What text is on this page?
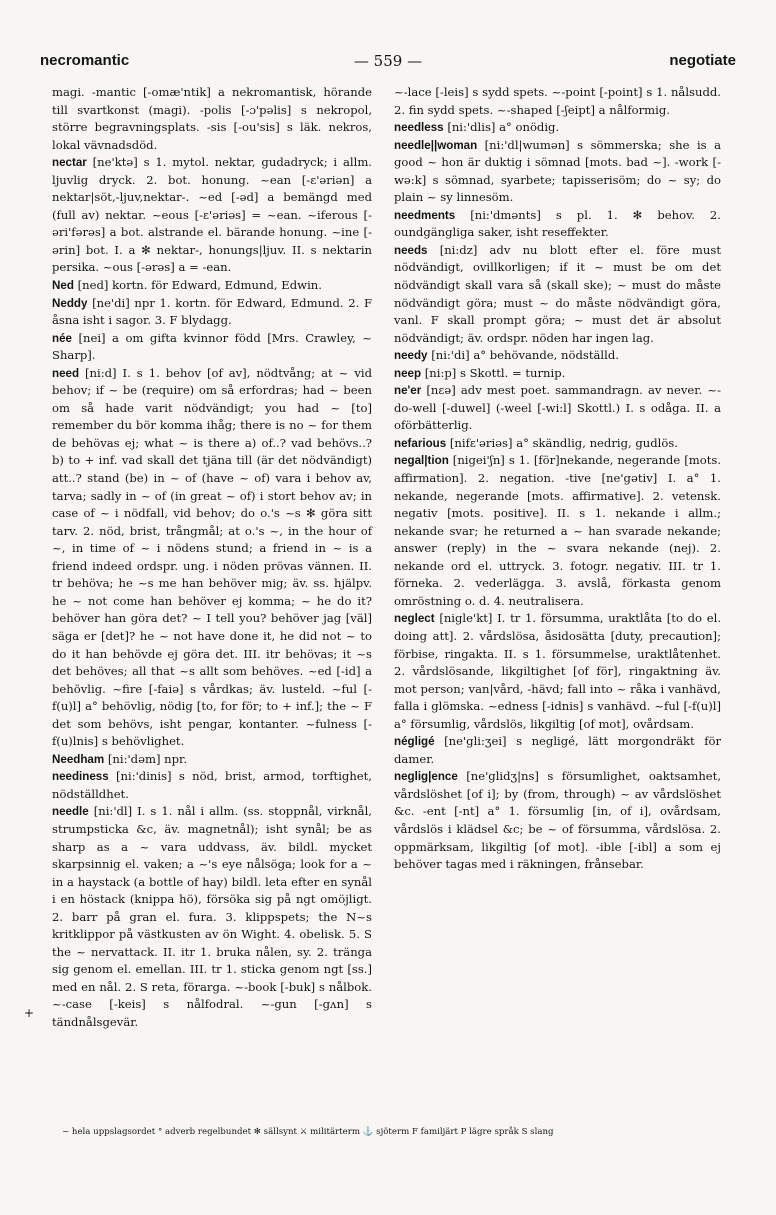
necromantic	— 559 —	negotiate

magi. -mantic [-omæ'ntik] a nekromantisk, hörande till svartkonst (magi). -polis [-ɔ'pəlis] s nekropol, större begravningsplats. -sis [-ou'sis] s läk. nekros, lokal vävnadsdöd.

nectar [ne'ktə] s 1. mytol. nektar, gudadryck; i allm. ljuvlig dryck. 2. bot. honung. ~ean [-ɛ'əriən] a nektar|söt,-ljuv,nektar-. ~ed [-əd] a bemängd med (full av) nektar. ~eous [-ɛ'əriəs] = ~ean. ~iferous [-əri'fərəs] a bot. alstrande el. bärande honung. ~ine [-ərin] bot. I. a ✻ nektar-, honungs|ljuv. II. s nektarin persika. ~ous [-ərəs] a = -ean.

Ned [ned] kortn. för Edward, Edmund, Edwin.

Neddy [ne'di] npr 1. kortn. för Edward, Edmund. 2. F åsna isht i sagor. 3. F blydagg.

née [nei] a om gifta kvinnor född [Mrs. Crawley, ~ Sharp].

need [ni:d] I. s 1. behov [of av], nödtvång; at ~ vid behov; if ~ be (require) om så erfordras; had ~ been om så hade varit nödvändigt; you had ~ [to] remember du bör komma ihåg; there is no ~ for them de behövas ej; what ~ is there a) of..? vad behövs..? b) to + inf. vad skall det tjäna till (är det nödvändigt) att..? stand (be) in ~ of (have ~ of) vara i behov av, tarva; sadly in ~ of (in great ~ of) i stort behov av; in case of ~ i nödfall, vid behov; do o.'s ~s ✻ göra sitt tarv. 2. nöd, brist, trångmål; at o.'s ~, in the hour of ~, in time of ~ i nödens stund; a friend in ~ is a friend indeed ordspr. ung. i nöden prövas vännen. II. tr behöva; he ~s me han behöver mig; äv. ss. hjälpv. he ~ not come han behöver ej komma; ~ he do it? behöver han göra det? ~ I tell you? behöver jag [väl] säga er [det]? he ~ not have done it, he did not ~ to do it han behövde ej göra det. III. itr behövas; it ~s det behöves; all that ~s allt som behöves. ~ed [-id] a behövlig. ~fire [-faiə] s vårdkas; äv. lusteld. ~ful [-f(u)l] a° behövlig, nödig [to, for för; to + inf.]; the ~ F det som behövs, isht pengar, kontanter. ~fulness [-f(u)lnis] s behövlighet.

Needham [ni:'dəm] npr.

neediness [ni:'dinis] s nöd, brist, armod, torftighet, nödställdhet.

needle [ni:'dl] I. s 1. nål i allm. (ss. stoppnål, virknål, strumpsticka &c, äv. magnetnål); isht synål; be as sharp as a ~ vara uddvass, äv. bildl. mycket skarpsinnig el. vaken; a ~'s eye nålsöga; look for a ~ in a haystack (a bottle of hay) bildl. leta efter en synål i en höstack (knippa hö), försöka sig på ngt omöjligt. 2. barr på gran el. fura. 3. klippspets; the N~s kritklippor på västkusten av ön Wight. 4. obelisk. 5. S the ~ nervattack. II. itr 1. bruka nålen, sy. 2. tränga sig genom el. emellan. III. tr 1. sticka genom ngt [ss.] med en nål. 2. S reta, förarga. ~-book [-buk] s nålbok. ~-case [-keis] s nålfodral. ~-gun [-gʌn] s tändnålsgevär.

~-lace [-leis] s sydd spets. ~-point [-point] s 1. nålsudd. 2. fin sydd spets. ~-shaped [-ʃeipt] a nålformig.

needless [ni:'dlis] a° onödig.

needle||woman [ni:'dl|wumən] s sömmerska; she is a good ~ hon är duktig i sömnad [mots. bad ~]. -work [-wə:k] s sömnad, syarbete; tapisserisöm; do ~ sy; do plain ~ sy linnesöm.

needments [ni:'dmənts] s pl. 1. ✻ behov. 2. oundgängliga saker, isht reseffekter.

needs [ni:dz] adv nu blott efter el. före must nödvändigt, ovillkorligen; if it ~ must be om det nödvändigt skall vara så (skall ske); ~ must do måste nödvändigt göra; must ~ do måste nödvändigt göra, vanl. F skall prompt göra; ~ must det är absolut nödvändigt; äv. ordspr. nöden har ingen lag.

needy [ni:'di] a° behövande, nödställd.

neep [ni:p] s Skottl. = turnip.

ne'er [nɛə] adv mest poet. sammandragn. av never. ~-do-well [-duwel] (-weel [-wi:l] Skottl.) I. s odåga. II. a oförbätterlig.

nefarious [nifɛ'əriəs] a° skändlig, nedrig, gudlös.

negal|tion [nigei'ʃn] s 1. [för]nekande, negerande [mots. affirmation]. 2. negation. -tive [ne'gətiv] I. a° 1. nekande, negerande [mots. affirmative]. 2. vetensk. negativ [mots. positive]. II. s 1. nekande i allm.; nekande svar; he returned a ~ han svarade nekande; answer (reply) in the ~ svara nekande (nej). 2. nekande ord el. uttryck. 3. fotogr. negativ. III. tr 1. förneka. 2. vederlägga. 3. avslå, förkasta genom omröstning o. d. 4. neutralisera.

neglect [nigle'kt] I. tr 1. försumma, uraktlåta [to do el. doing att]. 2. vårdslösa, åsidosätta [duty, precaution]; förbise, ringakta. II. s 1. försummelse, uraktlåtenhet. 2. vårdslösande, likgiltighet [of för], ringaktning äv. mot person; van|vård, -hävd; fall into ~ råka i vanhävd, falla i glömska. ~edness [-idnis] s vanhävd. ~ful [-f(u)l] a° försumlig, vårdslös, likgiltig [of mot], ovårdsam.

négligé [ne'gli:ʒei] s negligé, lätt morgondräkt för damer.

neglig|ence [ne'glidʒ|ns] s försumlighet, oaktsamhet, vårdslöshet [of i]; by (from, through) ~ av vårdslöshet &c. -ent [-nt] a° 1. försumlig [in, of i], ovårdsam, vårdslös i klädsel &c; be ~ of försumma, vårdslösa. 2. oppmärksam, likgiltig [of mot]. -ible [-ibl] a som ej behöver tagas med i räkningen, frånsebar.

+
~ hela uppslagsordet ° adverb regelbundet ✻ sällsynt ⚔ militärterm ⚓ sjöterm F familjärt P lägre språk S slang
